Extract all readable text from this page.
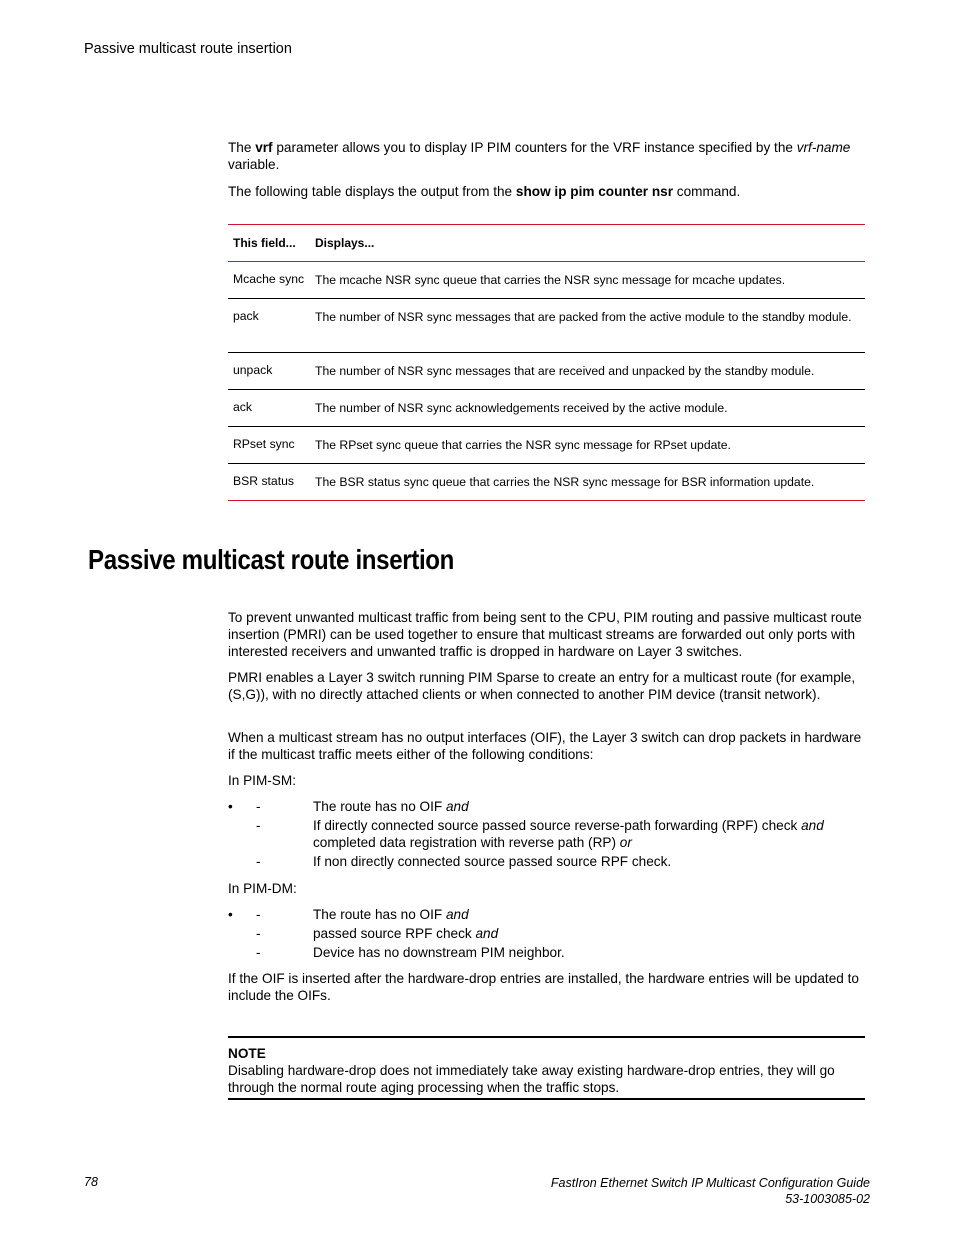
Passive multicast route insertion

The vrf parameter allows you to display IP PIM counters for the VRF instance specified by the vrf-name variable.

The following table displays the output from the show ip pim counter nsr command.

This field...	Displays...
Mcache sync	The mcache NSR sync queue that carries the NSR sync message for mcache updates.
pack	The number of NSR sync messages that are packed from the active module to the standby module.
unpack	The number of NSR sync messages that are received and unpacked by the standby module.
ack	The number of NSR sync acknowledgements received by the active module.
RPset sync	The RPset sync queue that carries the NSR sync message for RPset update.
BSR status	The BSR status sync queue that carries the NSR sync message for BSR information update.
Passive multicast route insertion

To prevent unwanted multicast traffic from being sent to the CPU, PIM routing and passive multicast route insertion (PMRI) can be used together to ensure that multicast streams are forwarded out only ports with interested receivers and unwanted traffic is dropped in hardware on Layer 3 switches.

PMRI enables a Layer 3 switch running PIM Sparse to create an entry for a multicast route (for example, (S,G)), with no directly attached clients or when connected to another PIM device (transit network).

When a multicast stream has no output interfaces (OIF), the Layer 3 switch can drop packets in hardware if the multicast traffic meets either of the following conditions:

In PIM-SM:

• -	The route has no OIF and
-	If directly connected source passed source reverse-path forwarding (RPF) check and completed data registration with reverse path (RP) or
-	If non directly connected source passed source RPF check.

In PIM-DM:

• -	The route has no OIF and
-	passed source RPF check and
-	Device has no downstream PIM neighbor.

If the OIF is inserted after the hardware-drop entries are installed, the hardware entries will be updated to include the OIFs.

NOTE
Disabling hardware-drop does not immediately take away existing hardware-drop entries, they will go through the normal route aging processing when the traffic stops.
78	FastIron Ethernet Switch IP Multicast Configuration Guide
53-1003085-02
